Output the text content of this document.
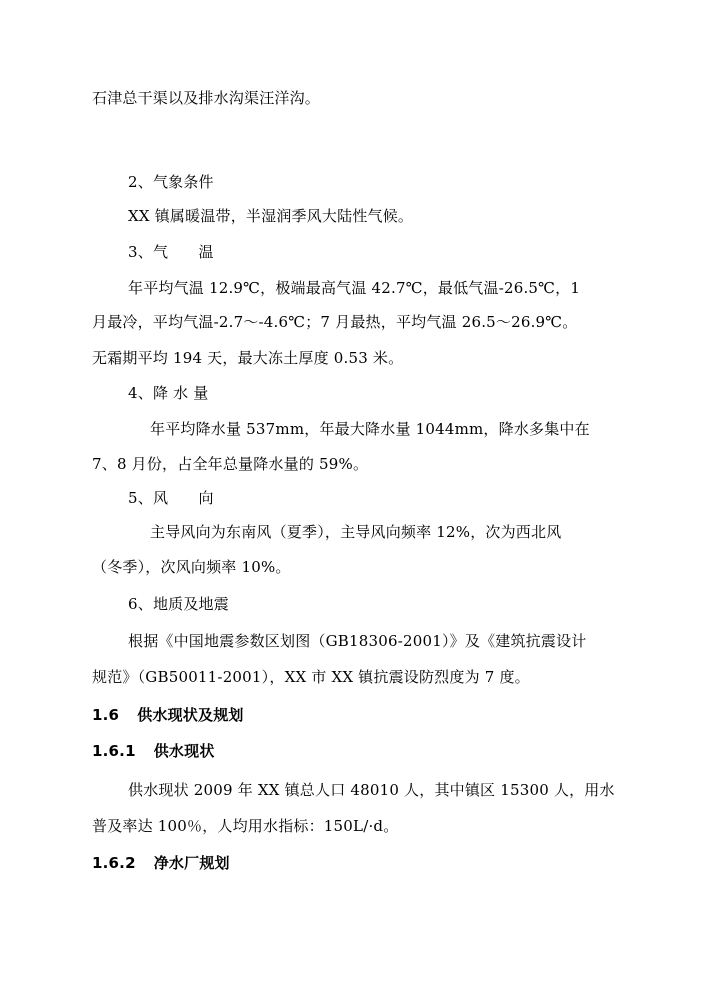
石津总干渠以及排水沟渠汪洋沟。
2、气象条件
XX 镇属暖温带，半湿润季风大陆性气候。
3、气　　温
年平均气温 12.9℃，极端最高气温 42.7℃，最低气温-26.5℃，1
月最冷，平均气温-2.7～-4.6℃；7 月最热，平均气温 26.5～26.9℃。
无霜期平均 194 天，最大冻土厚度 0.53 米。
4、降 水 量
年平均降水量 537mm，年最大降水量 1044mm，降水多集中在
7、8 月份，占全年总量降水量的 59%。
5、风　　向
主导风向为东南风（夏季），主导风向频率 12%，次为西北风
（冬季），次风向频率 10%。
6、地质及地震
根据《中国地震参数区划图（GB18306-2001）》及《建筑抗震设计
规范》（GB50011-2001），XX 市 XX 镇抗震设防烈度为 7 度。
1.6 供水现状及规划
1.6.1 供水现状
供水现状 2009 年 XX 镇总人口 48010 人，其中镇区 15300 人，用水
普及率达 100％，人均用水指标：150L/·d。
1.6.2 净水厂规划
